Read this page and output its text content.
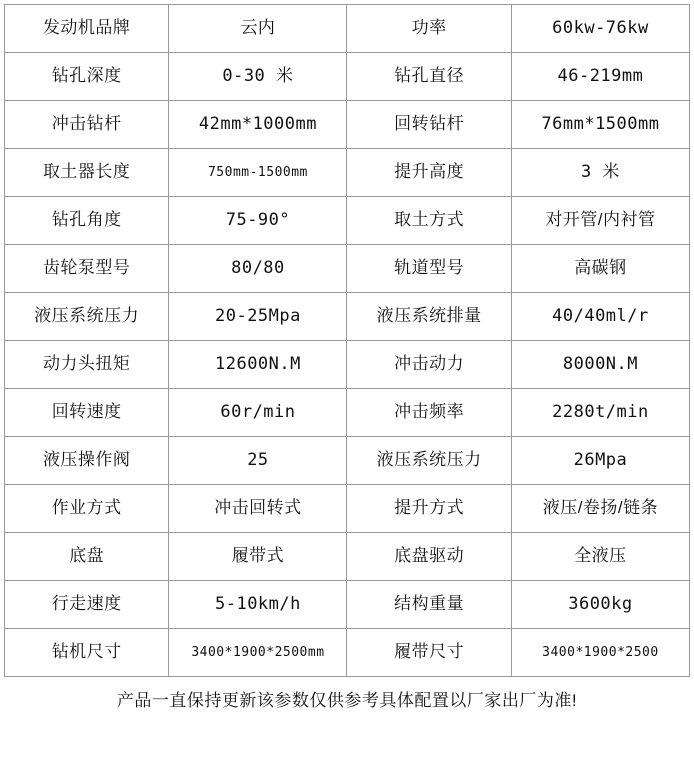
发动机品牌	云内	功率	60kw-76kw
钻孔深度	0-30 米	钻孔直径	46-219mm
冲击钻杆	42mm*1000mm	回转钻杆	76mm*1500mm
取土器长度	750mm-1500mm	提升高度	3 米
钻孔角度	75-90°	取土方式	对开管/内衬管
齿轮泵型号	80/80	轨道型号	高碳钢
液压系统压力	20-25Mpa	液压系统排量	40/40ml/r
动力头扭矩	12600N.M	冲击动力	8000N.M
回转速度	60r/min	冲击频率	2280t/min
液压操作阀	25	液压系统压力	26Mpa
作业方式	冲击回转式	提升方式	液压/卷扬/链条
底盘	履带式	底盘驱动	全液压
行走速度	5-10km/h	结构重量	3600kg
钻机尺寸	3400*1900*2500mm	履带尺寸	3400*1900*2500
产品一直保持更新该参数仅供参考具体配置以厂家出厂为准!
